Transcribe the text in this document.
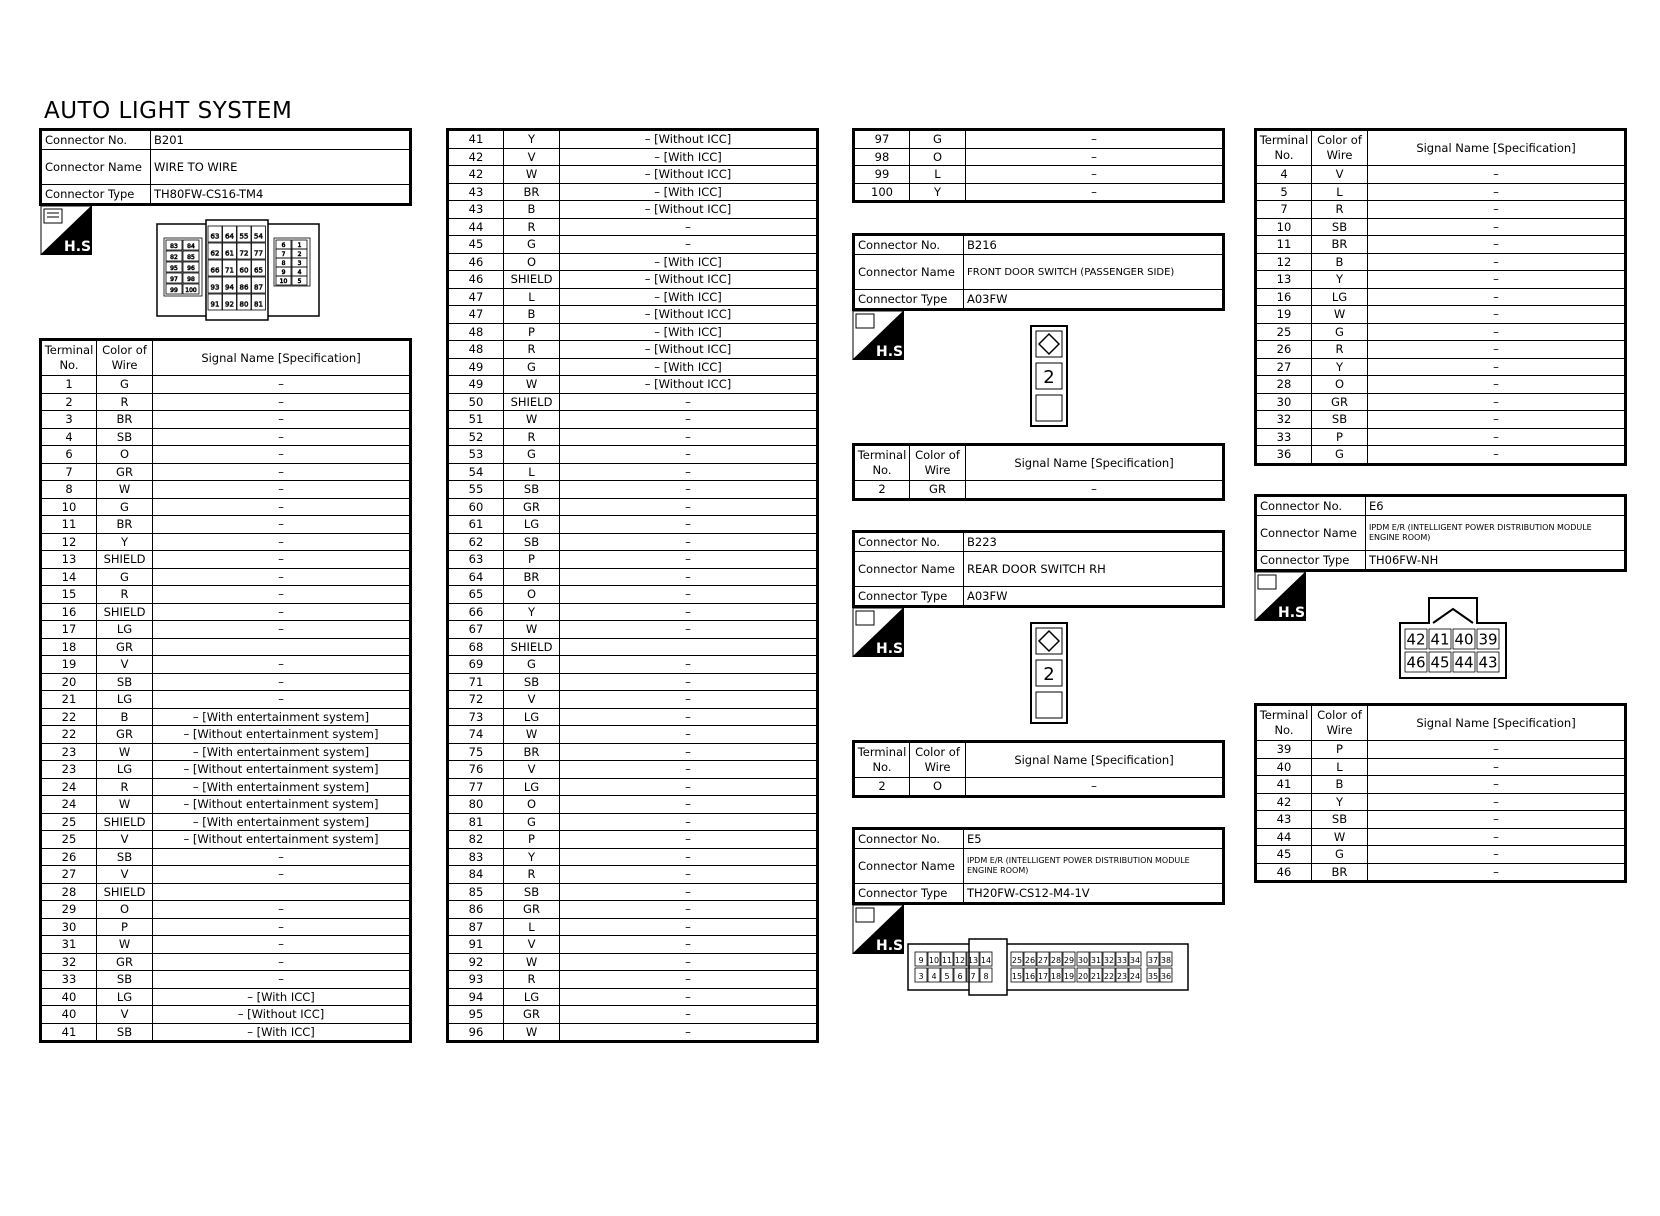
AUTO LIGHT SYSTEM
Connector No.	B201
Connector Name	WIRE TO WIRE
Connector Type	TH80FW-CS16-TM4
H.S.
63 64 55 54
62 61 72 77
66 71 60 65
93 94 86 87
91 92 80 81
83 84
82 85
95 96
97 98
99 100
6 1
7 2
8 3
9 4
10 5
Terminal No.	Color of Wire	Signal Name [Specification]
1	G	–
2	R	–
3	BR	–
4	SB	–
6	O	–
7	GR	–
8	W	–
10	G	–
11	BR	–
12	Y	–
13	SHIELD	–
14	G	–
15	R	–
16	SHIELD	–
17	LG	–
18	GR	
19	V	–
20	SB	–
21	LG	–
22	B	– [With entertainment system]
22	GR	– [Without entertainment system]
23	W	– [With entertainment system]
23	LG	– [Without entertainment system]
24	R	– [With entertainment system]
24	W	– [Without entertainment system]
25	SHIELD	– [With entertainment system]
25	V	– [Without entertainment system]
26	SB	–
27	V	–
28	SHIELD	
29	O	–
30	P	–
31	W	–
32	GR	–
33	SB	–
40	LG	– [With ICC]
40	V	– [Without ICC]
41	SB	– [With ICC]
41	Y	– [Without ICC]
42	V	– [With ICC]
42	W	– [Without ICC]
43	BR	– [With ICC]
43	B	– [Without ICC]
44	R	–
45	G	–
46	O	– [With ICC]
46	SHIELD	– [Without ICC]
47	L	– [With ICC]
47	B	– [Without ICC]
48	P	– [With ICC]
48	R	– [Without ICC]
49	G	– [With ICC]
49	W	– [Without ICC]
50	SHIELD	–
51	W	–
52	R	–
53	G	–
54	L	–
55	SB	–
60	GR	–
61	LG	–
62	SB	–
63	P	–
64	BR	–
65	O	–
66	Y	–
67	W	–
68	SHIELD	
69	G	–
71	SB	–
72	V	–
73	LG	–
74	W	–
75	BR	–
76	V	–
77	LG	–
80	O	–
81	G	–
82	P	–
83	Y	–
84	R	–
85	SB	–
86	GR	–
87	L	–
91	V	–
92	W	–
93	R	–
94	LG	–
95	GR	–
96	W	–
97	G	–
98	O	–
99	L	–
100	Y	–
Connector No.	B216
Connector Name	FRONT DOOR SWITCH (PASSENGER SIDE)
Connector Type	A03FW
H.S.
2
Terminal No.	Color of Wire	Signal Name [Specification]
2	GR	–
Connector No.	B223
Connector Name	REAR DOOR SWITCH RH
Connector Type	A03FW
H.S.
2
Terminal No.	Color of Wire	Signal Name [Specification]
2	O	–
Connector No.	E5
Connector Name	IPDM E/R (INTELLIGENT POWER DISTRIBUTION MODULE ENGINE ROOM)
Connector Type	TH20FW-CS12-M4-1V
H.S.
9 10 11 12 13 14
3 4 5 6 7 8
25 26 27 28 29
15 16 17 18 19
30 31 32 33 34
20 21 22 23 24
37 38
35 36
Terminal No.	Color of Wire	Signal Name [Specification]
4	V	–
5	L	–
7	R	–
10	SB	–
11	BR	–
12	B	–
13	Y	–
16	LG	–
19	W	–
25	G	–
26	R	–
27	Y	–
28	O	–
30	GR	–
32	SB	–
33	P	–
36	G	–
Connector No.	E6
Connector Name	IPDM E/R (INTELLIGENT POWER DISTRIBUTION MODULE ENGINE ROOM)
Connector Type	TH06FW-NH
H.S.
42 41 40 39
46 45 44 43
Terminal No.	Color of Wire	Signal Name [Specification]
39	P	–
40	L	–
41	B	–
42	Y	–
43	SB	–
44	W	–
45	G	–
46	BR	–
